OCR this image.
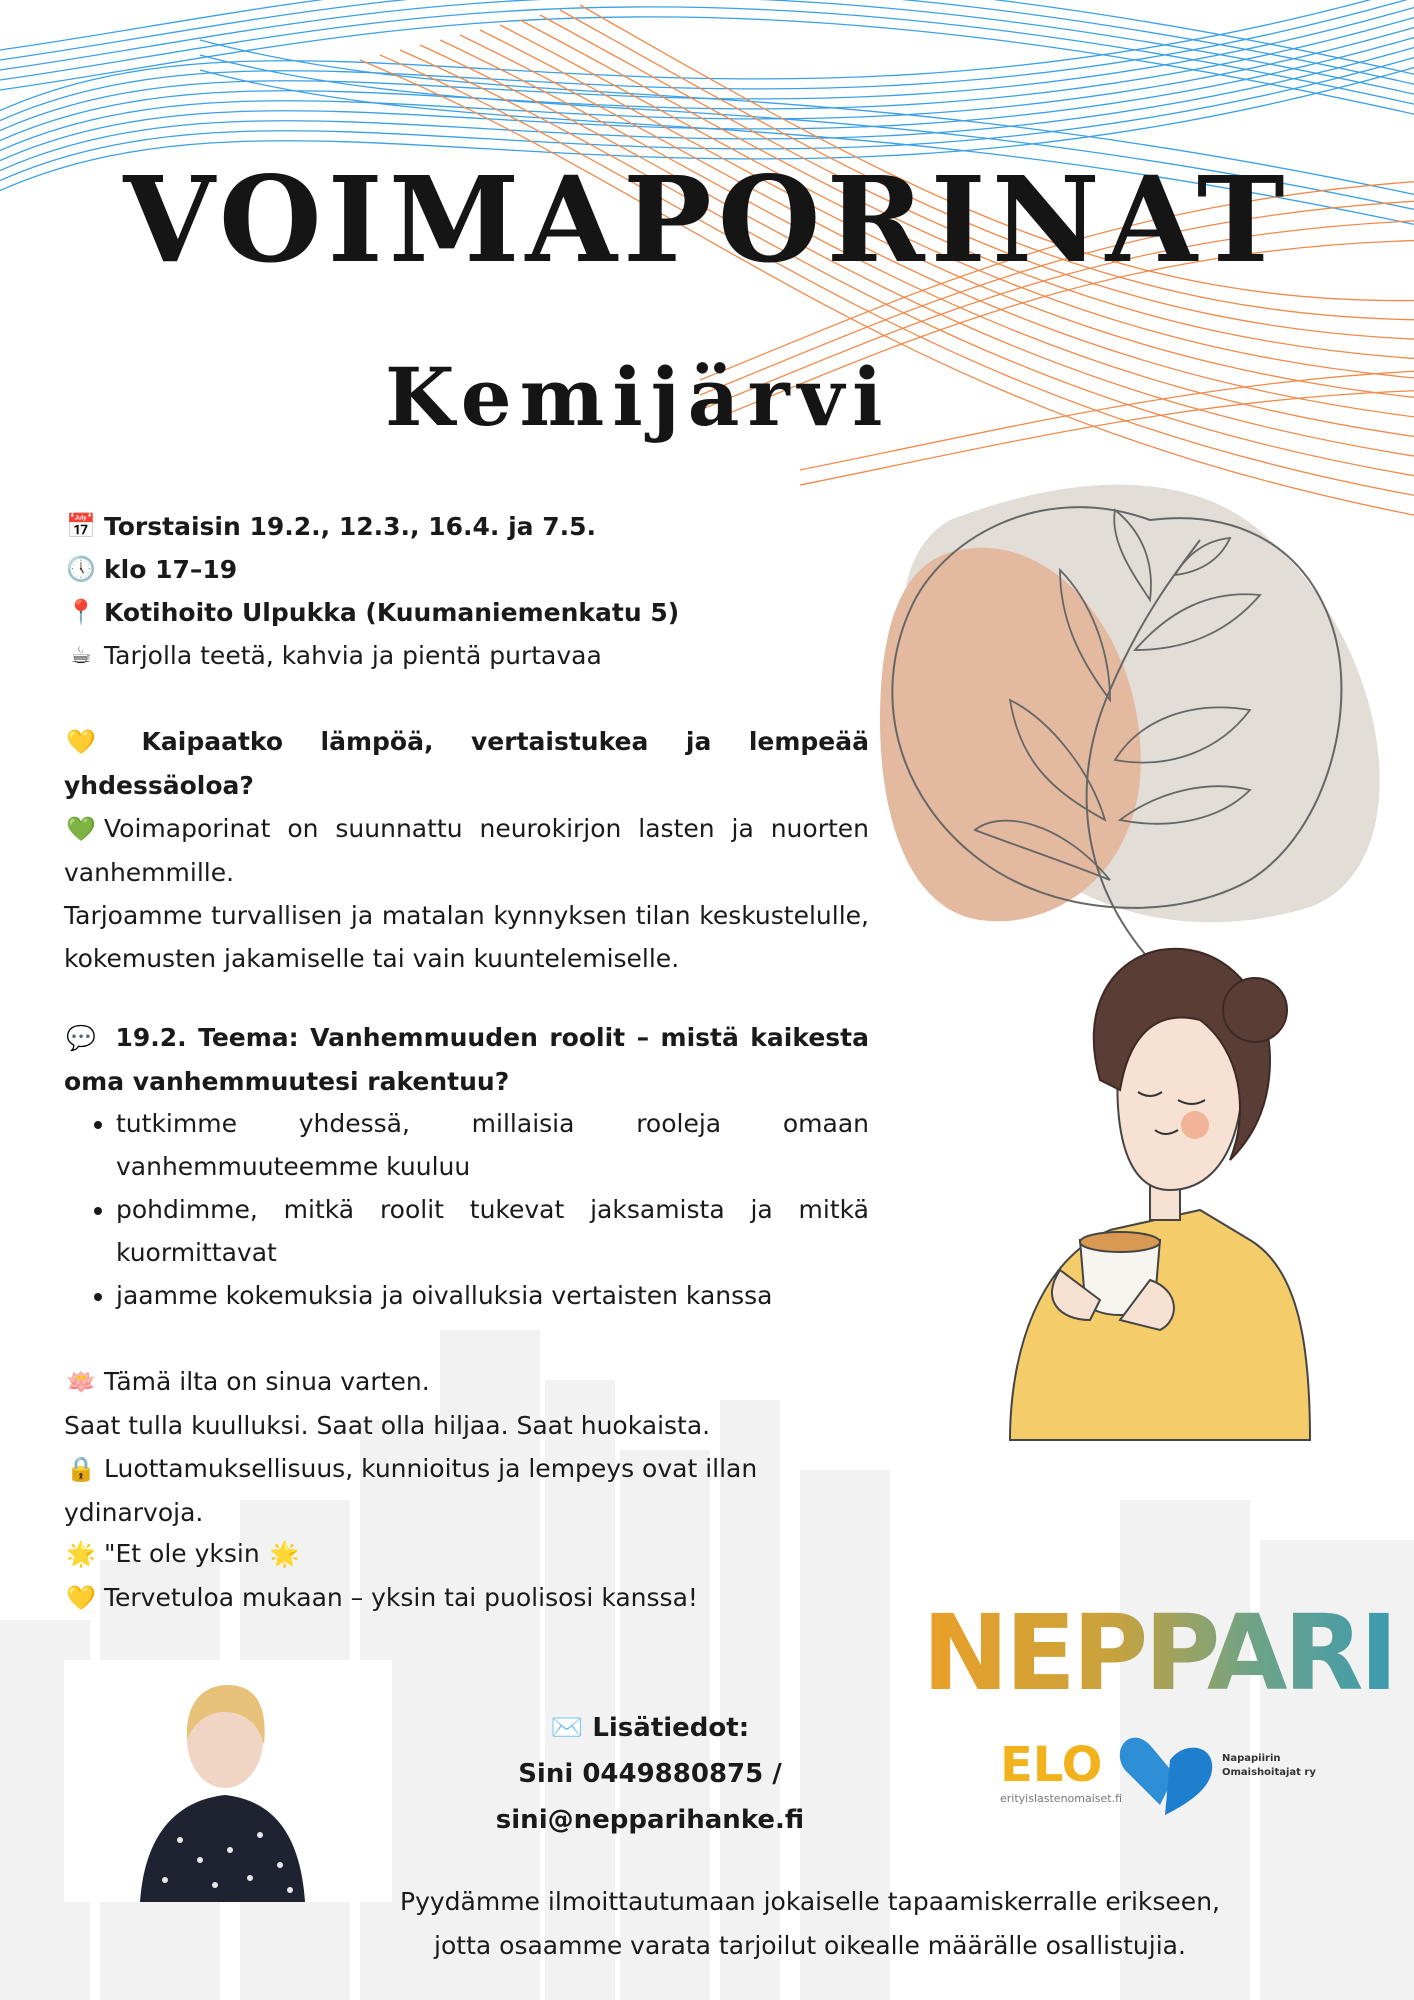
VOIMAPORINAT
Kemijärvi
📅 Torstaisin 19.2., 12.3., 16.4. ja 7.5.
🕔 klo 17–19
📍 Kotihoito Ulpukka (Kuumaniemenkatu 5)
☕ Tarjolla teetä, kahvia ja pientä purtavaa

💛 Kaipaatko lämpöä, vertaistukea ja lempeää yhdessäoloa?

💚 Voimaporinat on suunnattu neurokirjon lasten ja nuorten vanhemmille.

Tarjoamme turvallisen ja matalan kynnyksen tilan keskustelulle, kokemusten jakamiselle tai vain kuuntelemiselle.

💬 19.2. Teema: Vanhemmuuden roolit – mistä kaikesta oma vanhemmuutesi rakentuu?

• tutkimme yhdessä, millaisia rooleja omaan vanhemmuuteemme kuuluu
• pohdimme, mitkä roolit tukevat jaksamista ja mitkä kuormittavat
• jaamme kokemuksia ja oivalluksia vertaisten kanssa

🪷 Tämä ilta on sinua varten.

Saat tulla kuulluksi. Saat olla hiljaa. Saat huokaista.

🔒 Luottamuksellisuus, kunnioitus ja lempeys ovat illan ydinarvoja.

🌟 "Et ole yksin 🌟

💛 Tervetuloa mukaan – yksin tai puolisosi kanssa!

✉️ Lisätiedot:
Sini 0449880875 /
sini@nepparihanke.fi
Pyydämme ilmoittautumaan jokaiselle tapaamiskerralle erikseen,
jotta osaamme varata tarjoilut oikealle määrälle osallistujia.
NEPPARI
ELO
erityislastenomaiset.fi
Napapiirin
Omaishoitajat ry
